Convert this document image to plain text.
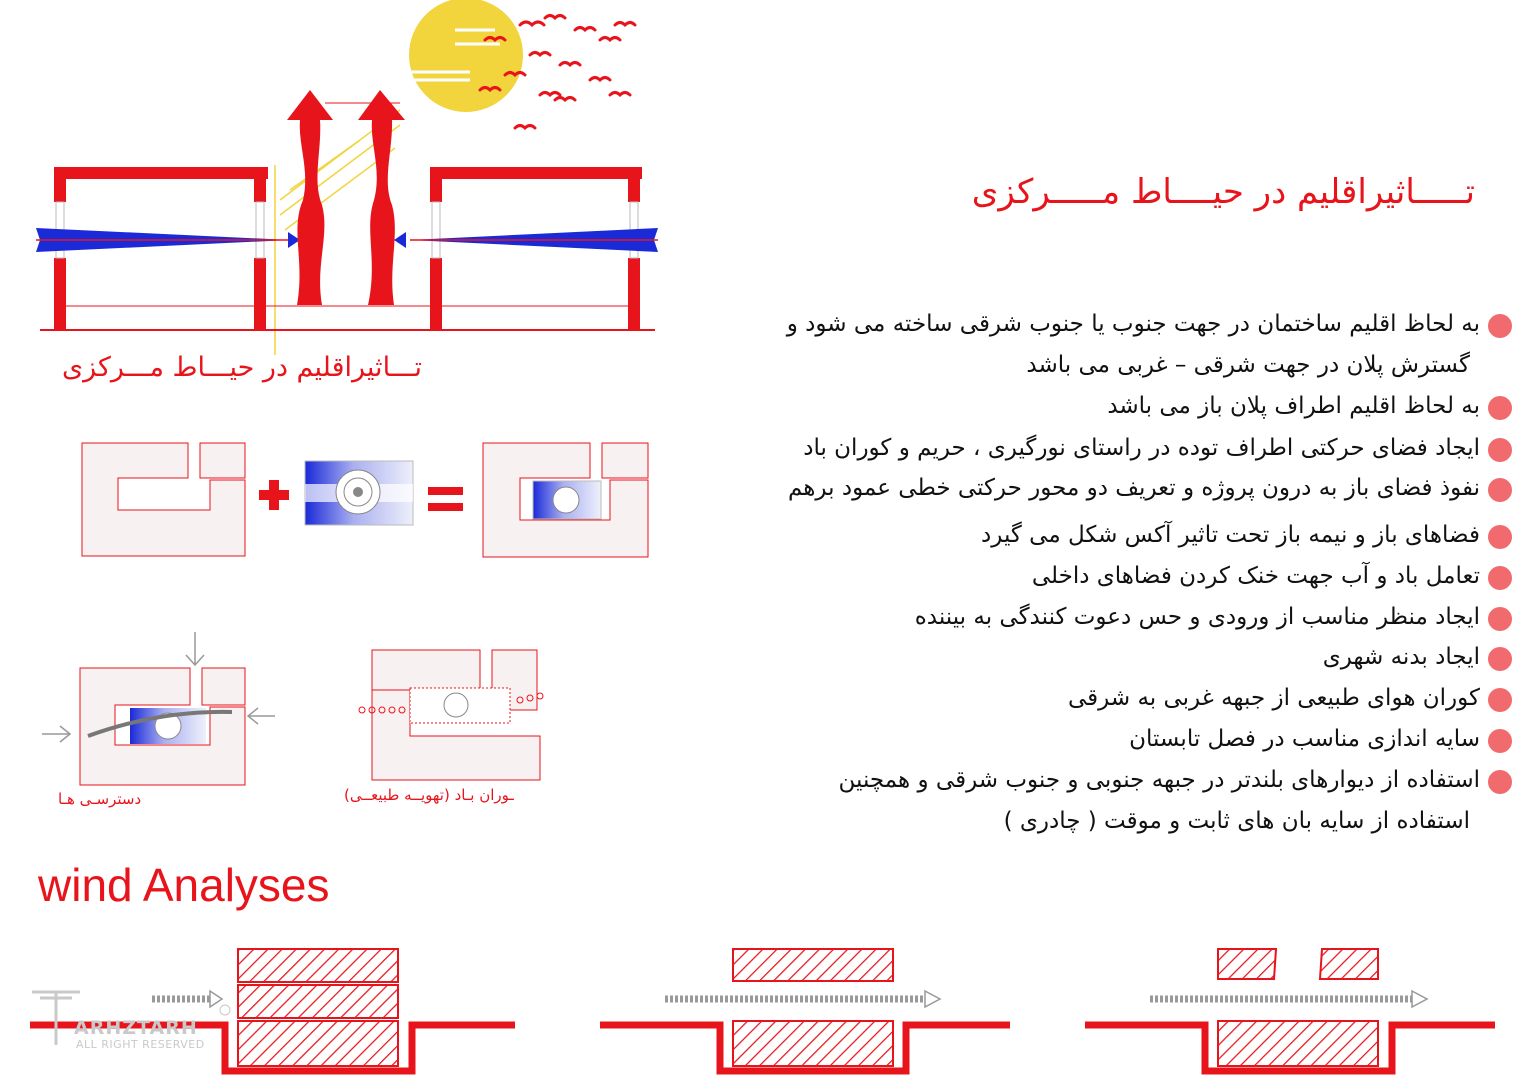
تـــــاثیراقلیم در حیــــاط مـــــرکزی
تـــاثیراقلیم در حیـــاط مـــرکزی
دسترسـی هـا	ـوران بـاد (تهویــه طبیعــی)
به لحاظ اقلیم ساختمان در جهت جنوب یا جنوب شرقی ساخته می شود و
گسترش پلان در جهت شرقی – غربی می باشد
به لحاظ اقلیم اطراف پلان باز می باشد
ایجاد فضای حرکتی اطراف توده در راستای نورگیری ، حریم و کوران باد
نفوذ فضای باز به درون پروژه و تعریف دو محور حرکتی خطی عمود برهم
فضاهای باز و نیمه باز تحت تاثیر آکس شکل می گیرد
تعامل باد و آب جهت خنک کردن فضاهای داخلی
ایجاد منظر مناسب از ورودی و حس دعوت کنندگی به بیننده
ایجاد بدنه شهری
کوران هوای طبیعی از جبهه غربی به شرقی
سایه اندازی مناسب در فصل تابستان
استفاده از دیوارهای بلندتر در جبهه جنوبی و جنوب شرقی و همچنین
استفاده از سایه بان های ثابت و موقت ( چادری )
wind Analyses
ARHZTARH
ALL RIGHT RESERVED
